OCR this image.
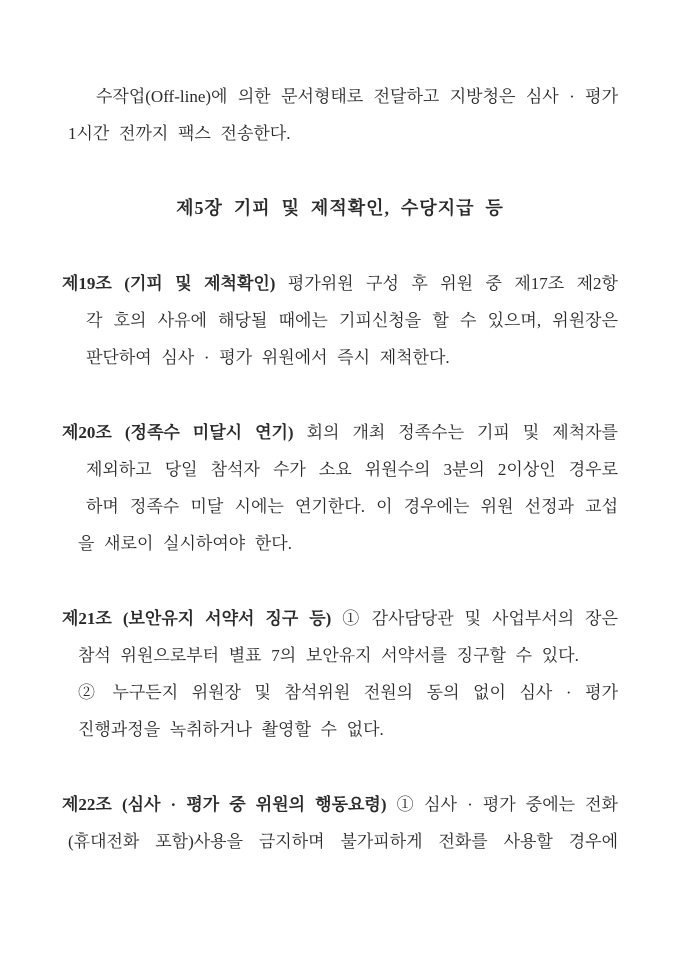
수작업(Off-line)에 의한 문서형태로 전달하고 지방청은 심사 · 평가
1시간 전까지 팩스 전송한다.
제5장 기피 및 제적확인, 수당지급 등
제19조 (기피 및 제척확인) 평가위원 구성 후 위원 중 제17조 제2항
각 호의 사유에 해당될 때에는 기피신청을 할 수 있으며, 위원장은
판단하여 심사 · 평가 위원에서 즉시 제척한다.
제20조 (정족수 미달시 연기) 회의 개최 정족수는 기피 및 제척자를
제외하고 당일 참석자 수가 소요 위원수의 3분의 2이상인 경우로
하며 정족수 미달 시에는 연기한다. 이 경우에는 위원 선정과 교섭
을 새로이 실시하여야 한다.
제21조 (보안유지 서약서 징구 등) ① 감사담당관 및 사업부서의 장은
참석 위원으로부터 별표 7의 보안유지 서약서를 징구할 수 있다.
② 누구든지 위원장 및 참석위원 전원의 동의 없이 심사 · 평가
진행과정을 녹취하거나 촬영할 수 없다.
제22조 (심사 · 평가 중 위원의 행동요령) ① 심사 · 평가 중에는 전화
(휴대전화 포함)사용을 금지하며 불가피하게 전화를 사용할 경우에
